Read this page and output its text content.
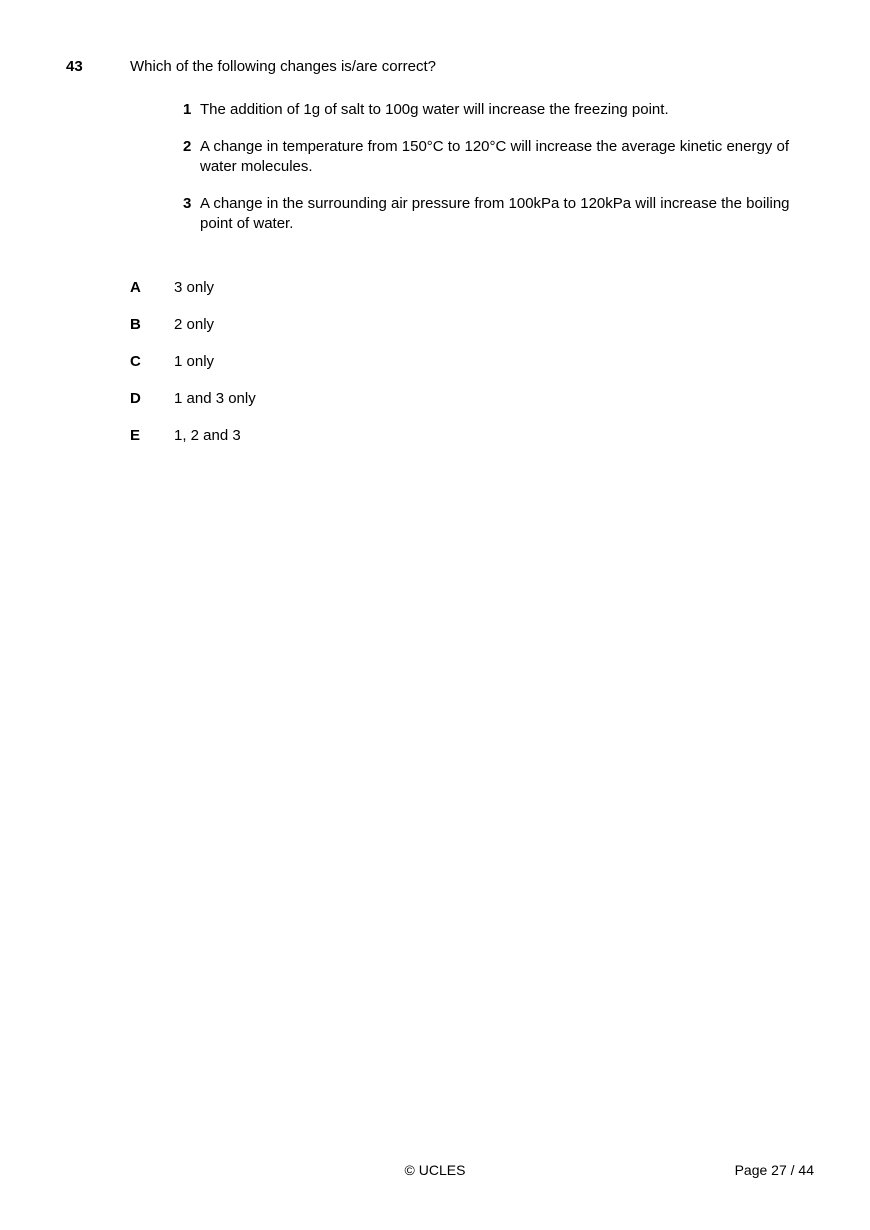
43	Which of the following changes is/are correct?
1 The addition of 1g of salt to 100g water will increase the freezing point.
2 A change in temperature from 150°C to 120°C will increase the average kinetic energy of water molecules.
3 A change in the surrounding air pressure from 100kPa to 120kPa will increase the boiling point of water.
A	3 only
B	2 only
C	1 only
D	1 and 3 only
E	1, 2 and 3
© UCLES	Page 27 / 44
